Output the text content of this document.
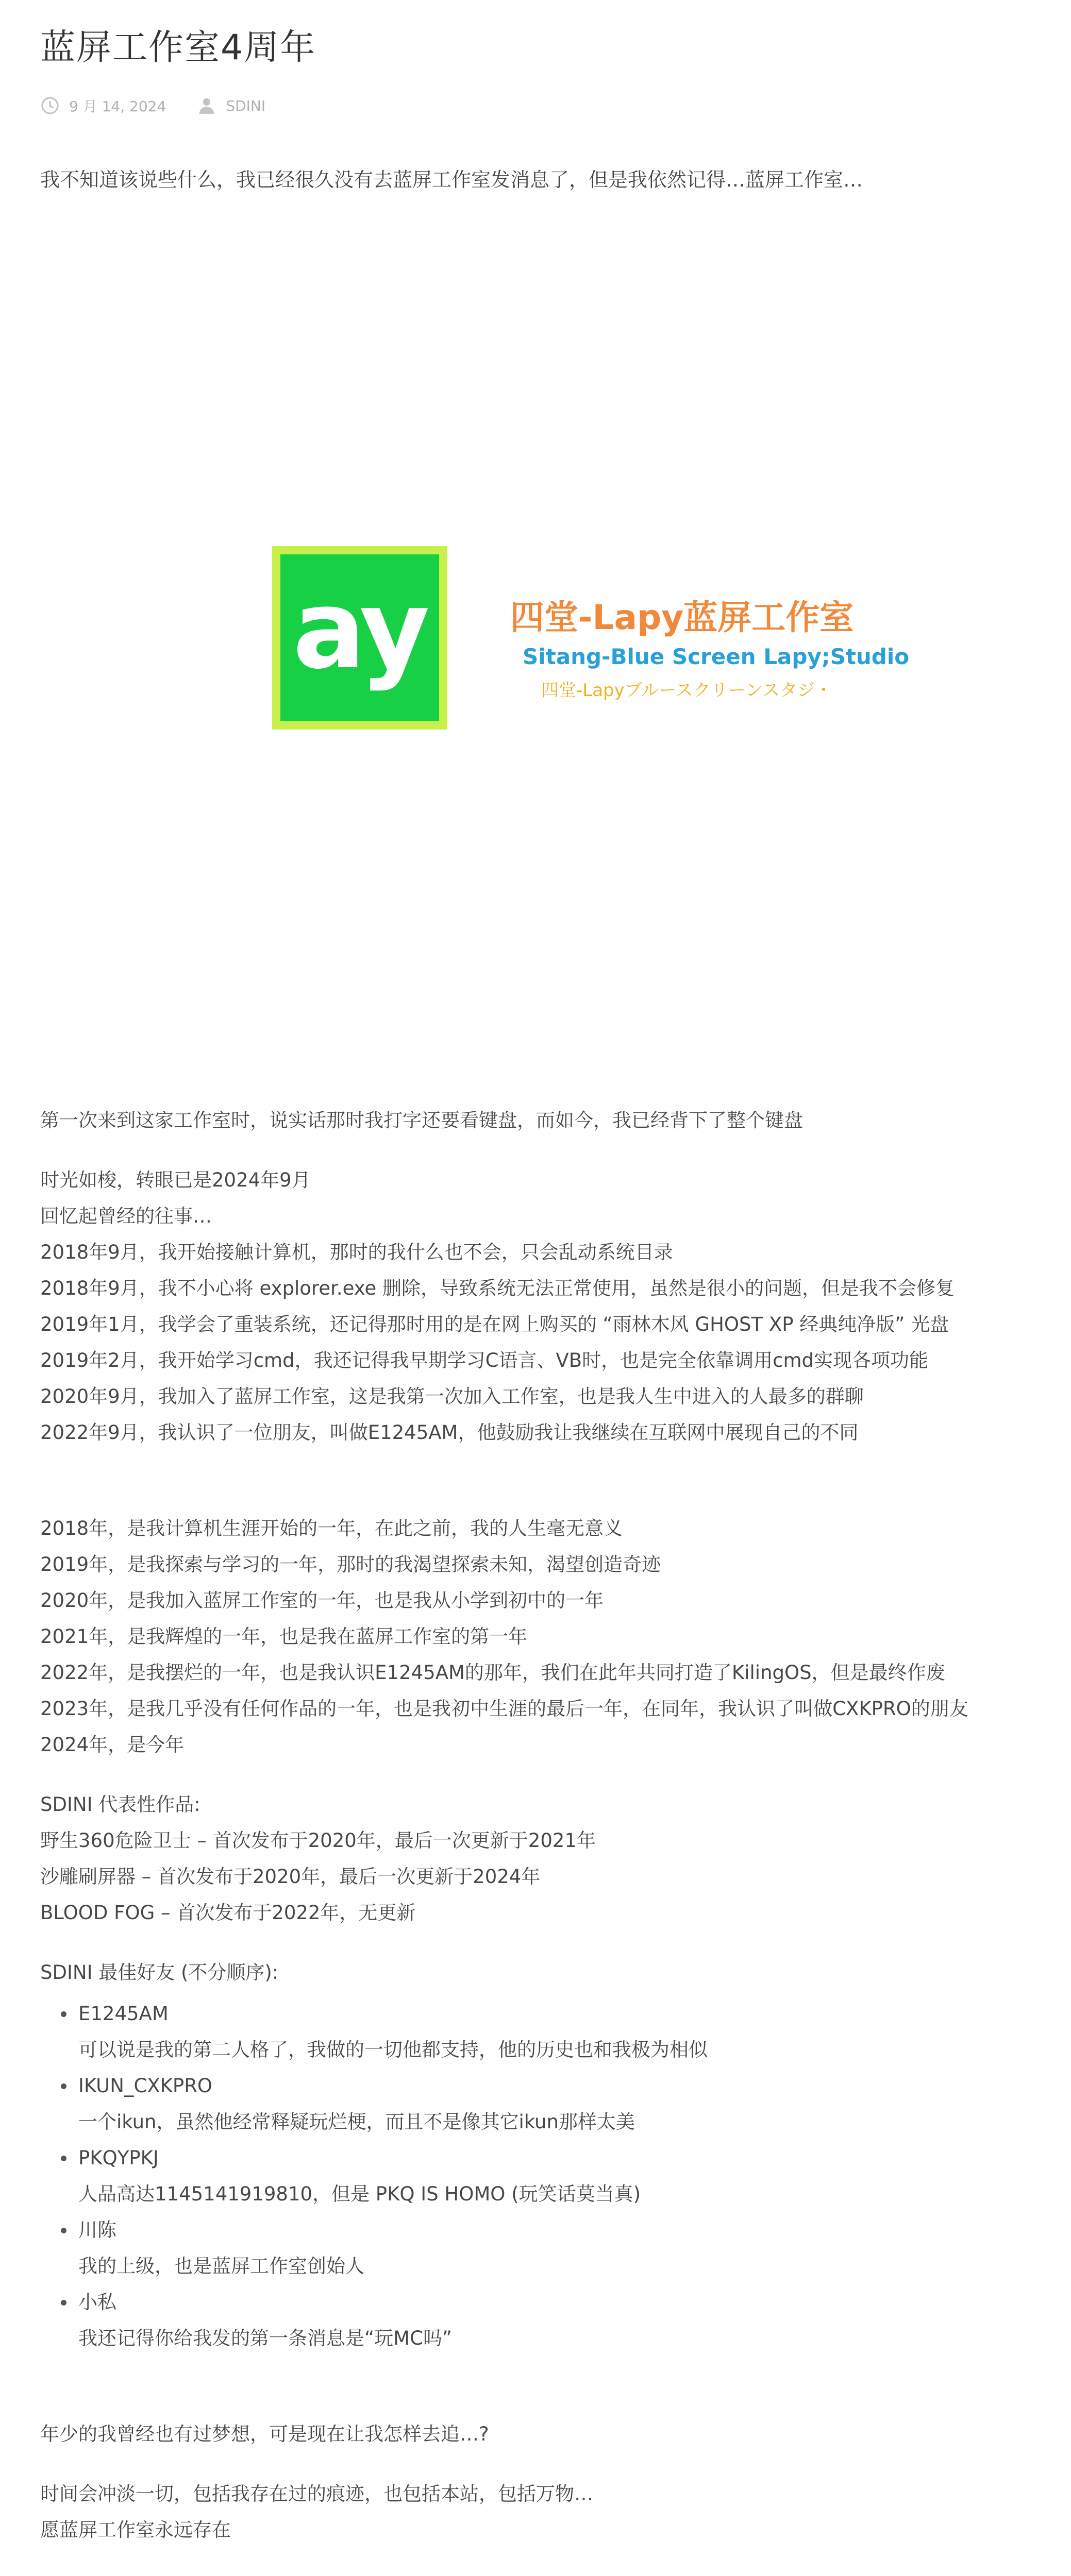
蓝屏工作室4周年
9 月 14, 2024	SDINI
我不知道该说些什么，我已经很久没有去蓝屏工作室发消息了，但是我依然记得…蓝屏工作室…
ay	四堂-Lapy蓝屏工作室
Sitang-Blue Screen Lapy;Studio
四堂-Lapyブルースクリーンスタジ・

第一次来到这家工作室时，说实话那时我打字还要看键盘，而如今，我已经背下了整个键盘

时光如梭，转眼已是2024年9月

回忆起曾经的往事…

2018年9月，我开始接触计算机，那时的我什么也不会，只会乱动系统目录

2018年9月，我不小心将 explorer.exe 删除，导致系统无法正常使用，虽然是很小的问题，但是我不会修复

2019年1月，我学会了重装系统，还记得那时用的是在网上购买的 “雨林木风 GHOST XP 经典纯净版” 光盘

2019年2月，我开始学习cmd，我还记得我早期学习C语言、VB时，也是完全依靠调用cmd实现各项功能

2020年9月，我加入了蓝屏工作室，这是我第一次加入工作室，也是我人生中进入的人最多的群聊

2022年9月，我认识了一位朋友，叫做E1245AM，他鼓励我让我继续在互联网中展现自己的不同

2018年，是我计算机生涯开始的一年，在此之前，我的人生毫无意义

2019年，是我探索与学习的一年，那时的我渴望探索未知，渴望创造奇迹

2020年，是我加入蓝屏工作室的一年，也是我从小学到初中的一年

2021年，是我辉煌的一年，也是我在蓝屏工作室的第一年

2022年，是我摆烂的一年，也是我认识E1245AM的那年，我们在此年共同打造了KilingOS，但是最终作废

2023年，是我几乎没有任何作品的一年，也是我初中生涯的最后一年，在同年，我认识了叫做CXKPRO的朋友

2024年，是今年

SDINI 代表性作品:

野生360危险卫士 – 首次发布于2020年，最后一次更新于2021年

沙雕刷屏器 – 首次发布于2020年，最后一次更新于2024年

BLOOD FOG – 首次发布于2022年，无更新

SDINI 最佳好友 (不分顺序):

E1245AM
可以说是我的第二人格了，我做的一切他都支持，他的历史也和我极为相似
IKUN_CXKPRO
一个ikun，虽然他经常释疑玩烂梗，而且不是像其它ikun那样太美
PKQYPKJ
人品高达1145141919810，但是 PKQ IS HOMO (玩笑话莫当真)
川陈
我的上级，也是蓝屏工作室创始人
小私
我还记得你给我发的第一条消息是“玩MC吗”

年少的我曾经也有过梦想，可是现在让我怎样去追…?

时间会冲淡一切，包括我存在过的痕迹，也包括本站，包括万物…

愿蓝屏工作室永远存在
